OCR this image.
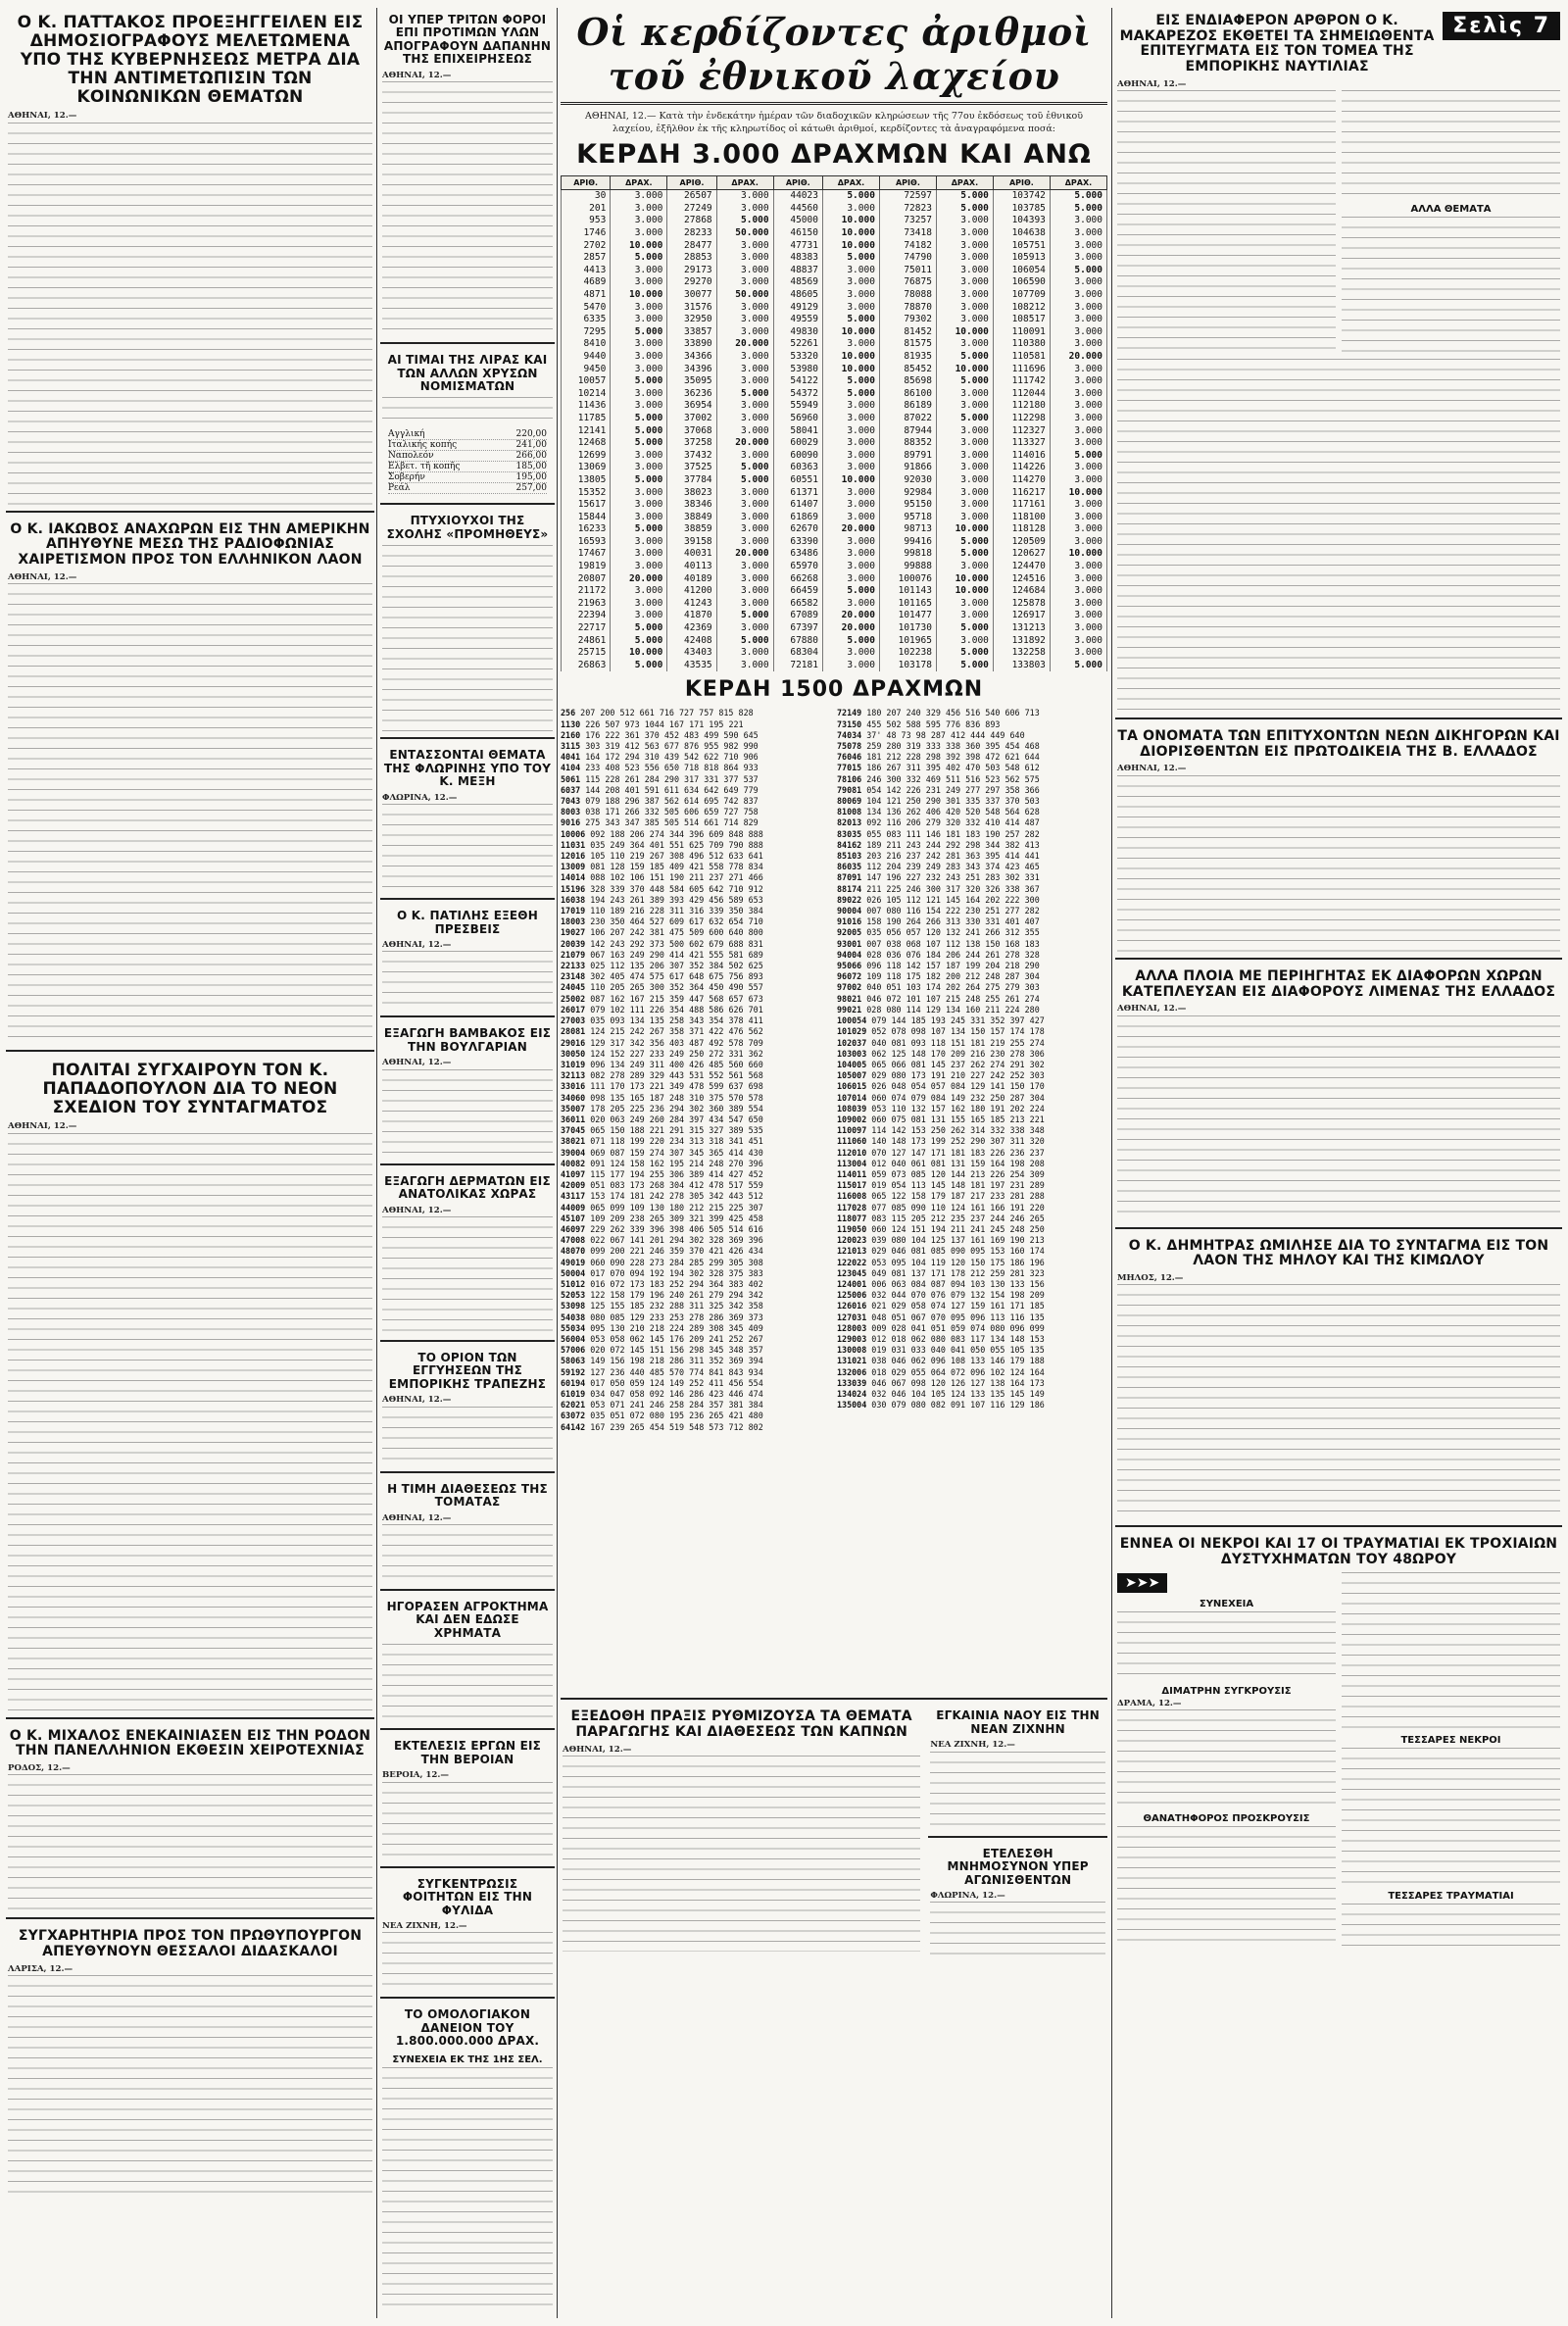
Ο Κ. ΠΑΤΤΑΚΟΣ ΠΡΟΕΞΗΓΓΕΙΛΕΝ ΕΙΣ ΔΗΜΟΣΙΟΓΡΑΦΟΥΣ ΜΕΛΕΤΩΜΕΝΑ ΥΠΟ ΤΗΣ ΚΥΒΕΡΝΗΣΕΩΣ ΜΕΤΡΑ ΔΙΑ ΤΗΝ ΑΝΤΙΜΕΤΩΠΙΣΙΝ ΤΩΝ ΚΟΙΝΩΝΙΚΩΝ ΘΕΜΑΤΩΝ

ΑΘΗΝΑΙ, 12.—

Ο Κ. ΙΑΚΩΒΟΣ ΑΝΑΧΩΡΩΝ ΕΙΣ ΤΗΝ ΑΜΕΡΙΚΗΝ ΑΠΗΥΘΥΝΕ ΜΕΣΩ ΤΗΣ ΡΑΔΙΟΦΩΝΙΑΣ ΧΑΙΡΕΤΙΣΜΟΝ ΠΡΟΣ ΤΟΝ ΕΛΛΗΝΙΚΟΝ ΛΑΟΝ

ΑΘΗΝΑΙ, 12.—

ΠΟΛΙΤΑΙ ΣΥΓΧΑΙΡΟΥΝ ΤΟΝ Κ. ΠΑΠΑΔΟΠΟΥΛΟΝ ΔΙΑ ΤΟ ΝΕΟΝ ΣΧΕΔΙΟΝ ΤΟΥ ΣΥΝΤΑΓΜΑΤΟΣ

ΑΘΗΝΑΙ, 12.—

Ο Κ. ΜΙΧΑΛΟΣ ΕΝΕΚΑΙΝΙΑΣΕΝ ΕΙΣ ΤΗΝ ΡΟΔΟΝ ΤΗΝ ΠΑΝΕΛΛΗΝΙΟΝ ΕΚΘΕΣΙΝ ΧΕΙΡΟΤΕΧΝΙΑΣ

ΡΟΔΟΣ, 12.—

ΣΥΓΧΑΡΗΤΗΡΙΑ ΠΡΟΣ ΤΟΝ ΠΡΩΘΥΠΟΥΡΓΟΝ ΑΠΕΥΘΥΝΟΥΝ ΘΕΣΣΑΛΟΙ ΔΙΔΑΣΚΑΛΟΙ

ΛΑΡΙΣΑ, 12.—

ΟΙ ΥΠΕΡ ΤΡΙΤΩΝ ΦΟΡΟΙ ΕΠΙ ΠΡΟΤΙΜΩΝ ΥΛΩΝ ΑΠΟΓΡΑΦΟΥΝ ΔΑΠΑΝΗΝ ΤΗΣ ΕΠΙΧΕΙΡΗΣΕΩΣ

ΑΘΗΝΑΙ, 12.—

ΑΙ ΤΙΜΑΙ ΤΗΣ ΛΙΡΑΣ ΚΑΙ ΤΩΝ ΑΛΛΩΝ ΧΡΥΣΩΝ ΝΟΜΙΣΜΑΤΩΝ
Αγγλική	220,00
Ιταλικής κοπής	241,00
Ναπολεόν	266,00
Ελβετ. τῆ κοπῆς	185,00
Σοβερήν	195,00
Ρεάλ	257,00
ΠΤΥΧΙΟΥΧΟΙ ΤΗΣ ΣΧΟΛΗΣ «ΠΡΟΜΗΘΕΥΣ»
ΕΝΤΑΣΣΟΝΤΑΙ ΘΕΜΑΤΑ ΤΗΣ ΦΛΩΡΙΝΗΣ ΥΠΟ ΤΟΥ Κ. ΜΕΞΗ

ΦΛΩΡΙΝΑ, 12.—

Ο Κ. ΠΑΤΙΛΗΣ ΕΞΕΘΗ ΠΡΕΣΒΕΙΣ

ΑΘΗΝΑΙ, 12.—

ΕΞΑΓΩΓΗ ΒΑΜΒΑΚΟΣ ΕΙΣ ΤΗΝ ΒΟΥΛΓΑΡΙΑΝ

ΑΘΗΝΑΙ, 12.—

ΕΞΑΓΩΓΗ ΔΕΡΜΑΤΩΝ ΕΙΣ ΑΝΑΤΟΛΙΚΑΣ ΧΩΡΑΣ

ΑΘΗΝΑΙ, 12.—

ΤΟ ΟΡΙΟΝ ΤΩΝ ΕΓΓΥΗΣΕΩΝ ΤΗΣ ΕΜΠΟΡΙΚΗΣ ΤΡΑΠΕΖΗΣ

ΑΘΗΝΑΙ, 12.—

Η ΤΙΜΗ ΔΙΑΘΕΣΕΩΣ ΤΗΣ ΤΟΜΑΤΑΣ

ΑΘΗΝΑΙ, 12.—

ΗΓΟΡΑΣΕΝ ΑΓΡΟΚΤΗΜΑ ΚΑΙ ΔΕΝ ΕΔΩΣΕ ΧΡΗΜΑΤΑ
ΕΚΤΕΛΕΣΙΣ ΕΡΓΩΝ ΕΙΣ ΤΗΝ ΒΕΡΟΙΑΝ

ΒΕΡΟΙΑ, 12.—

ΣΥΓΚΕΝΤΡΩΣΙΣ ΦΟΙΤΗΤΩΝ ΕΙΣ ΤΗΝ ΦΥΛΙΔΑ

ΝΕΑ ΖΙΧΝΗ, 12.—

ΤΟ ΟΜΟΛΟΓΙΑΚΟΝ ΔΑΝΕΙΟΝ ΤΟΥ 1.800.000.000 ΔΡΑΧ.
ΣΥΝΕΧΕΙΑ ΕΚ ΤΗΣ 1ΗΣ ΣΕΛ.
Οἱ κερδίζοντες ἀριθμοὶ τοῦ ἐθνικοῦ λαχείου

ΑΘΗΝΑΙ, 12.— Κατὰ τὴν ἐνδεκάτην ἡμέραν τῶν διαδοχικῶν κληρώσεων τῆς 77ου ἐκδόσεως τοῦ ἐθνικοῦ λαχείου, ἐξῆλθον ἐκ τῆς κληρωτίδος οἱ κάτωθι ἀριθμοί, κερδίζοντες τὰ ἀναγραφόμενα ποσά:

ΚΕΡΔΗ 3.000 ΔΡΑΧΜΩΝ ΚΑΙ ΑΝΩ
ΑΡΙΘ.	ΔΡΑΧ.	ΑΡΙΘ.	ΔΡΑΧ.	ΑΡΙΘ.	ΔΡΑΧ.	ΑΡΙΘ.	ΔΡΑΧ.	ΑΡΙΘ.	ΔΡΑΧ.
30	3.000	26507	3.000	44023	5.000	72597	5.000	103742	5.000
201	3.000	27249	3.000	44560	3.000	72823	5.000	103785	5.000
953	3.000	27868	5.000	45000	10.000	73257	3.000	104393	3.000
1746	3.000	28233	50.000	46150	10.000	73418	3.000	104638	3.000
2702	10.000	28477	3.000	47731	10.000	74182	3.000	105751	3.000
2857	5.000	28853	3.000	48383	5.000	74790	3.000	105913	3.000
4413	3.000	29173	3.000	48837	3.000	75011	3.000	106054	5.000
4689	3.000	29270	3.000	48569	3.000	76875	3.000	106590	3.000
4871	10.000	30077	50.000	48605	3.000	78088	3.000	107709	3.000
5470	3.000	31576	3.000	49129	3.000	78870	3.000	108212	3.000
6335	3.000	32950	3.000	49559	5.000	79302	3.000	108517	3.000
7295	5.000	33857	3.000	49830	10.000	81452	10.000	110091	3.000
8410	3.000	33890	20.000	52261	3.000	81575	3.000	110380	3.000
9440	3.000	34366	3.000	53320	10.000	81935	5.000	110581	20.000
9450	3.000	34396	3.000	53980	10.000	85452	10.000	111696	3.000
10057	5.000	35095	3.000	54122	5.000	85698	5.000	111742	3.000
10214	3.000	36236	5.000	54372	5.000	86100	3.000	112044	3.000
11436	3.000	36954	3.000	55949	3.000	86189	3.000	112180	3.000
11785	5.000	37002	3.000	56960	3.000	87022	5.000	112298	3.000
12141	5.000	37068	3.000	58041	3.000	87944	3.000	112327	3.000
12468	5.000	37258	20.000	60029	3.000	88352	3.000	113327	3.000
12699	3.000	37432	3.000	60090	3.000	89791	3.000	114016	5.000
13069	3.000	37525	5.000	60363	3.000	91866	3.000	114226	3.000
13805	5.000	37784	5.000	60551	10.000	92030	3.000	114270	3.000
15352	3.000	38023	3.000	61371	3.000	92984	3.000	116217	10.000
15617	3.000	38346	3.000	61407	3.000	95150	3.000	117161	3.000
15844	3.000	38849	3.000	61869	3.000	95718	3.000	118100	3.000
16233	5.000	38859	3.000	62670	20.000	98713	10.000	118128	3.000
16593	3.000	39158	3.000	63390	3.000	99416	5.000	120509	3.000
17467	3.000	40031	20.000	63486	3.000	99818	5.000	120627	10.000
19819	3.000	40113	3.000	65970	3.000	99888	3.000	124470	3.000
20807	20.000	40189	3.000	66268	3.000	100076	10.000	124516	3.000
21172	3.000	41200	3.000	66459	5.000	101143	10.000	124684	3.000
21963	3.000	41243	3.000	66582	3.000	101165	3.000	125878	3.000
22394	3.000	41870	5.000	67089	20.000	101477	3.000	126917	3.000
22717	5.000	42369	3.000	67397	20.000	101730	5.000	131213	3.000
24861	5.000	42408	5.000	67880	5.000	101965	3.000	131892	3.000
25715	10.000	43403	3.000	68304	3.000	102238	5.000	132258	3.000
26863	5.000	43535	3.000	72181	3.000	103178	5.000	133803	5.000
ΚΕΡΔΗ 1500 ΔΡΑΧΜΩΝ
256 207 200 512 661 716 727 757 815 828
1130 226 507 973 1044 167 171 195 221
2160 176 222 361 370 452 483 499 590 645
3115 303 319 412 563 677 876 955 982 990
4041 164 172 294 310 439 542 622 710 906
4104 233 408 523 556 650 718 818 864 933
5061 115 228 261 284 290 317 331 377 537
6037 144 208 401 591 611 634 642 649 779
7043 079 188 296 387 562 614 695 742 837
8003 038 171 266 332 505 606 659 727 758
9016 275 343 347 385 505 514 661 714 829
10006 092 188 206 274 344 396 609 848 888
11031 035 249 364 401 551 625 709 790 888
12016 105 110 219 267 308 496 512 633 641
13009 081 128 159 185 409 421 558 778 834
14014 088 102 106 151 190 211 237 271 466
15196 328 339 370 448 584 605 642 710 912
16038 194 243 261 389 393 429 456 589 653
17019 110 189 216 228 311 316 339 350 384
18003 230 350 464 527 609 617 632 654 710
19027 106 207 242 381 475 509 600 640 800
20039 142 243 292 373 500 602 679 688 831
21079 067 163 249 290 414 421 555 581 689
22133 025 112 135 206 307 352 384 502 625
23148 302 405 474 575 617 648 675 756 893
24045 110 205 265 300 352 364 450 490 557
25002 087 162 167 215 359 447 568 657 673
26017 079 102 111 226 354 488 586 626 701
27003 035 093 134 135 258 343 354 378 411
28081 124 215 242 267 358 371 422 476 562
29016 129 317 342 356 403 487 492 578 709
30050 124 152 227 233 249 250 272 331 362
31019 096 134 249 311 400 426 485 560 660
32113 082 278 289 329 443 531 552 561 568
33016 111 170 173 221 349 478 599 637 698
34060 098 135 165 187 248 310 375 570 578
35007 178 205 225 236 294 302 360 389 554
36011 020 063 249 260 284 397 434 547 650
37045 065 150 188 221 291 315 327 389 535
38021 071 118 199 220 234 313 318 341 451
39004 069 087 159 274 307 345 365 414 430
40082 091 124 158 162 195 214 248 270 396
41097 115 177 194 255 306 389 414 427 452
42009 051 083 173 268 304 412 478 517 559
43117 153 174 181 242 278 305 342 443 512
44009 065 099 109 130 180 212 215 225 307
45107 109 209 238 265 309 321 399 425 458
46097 229 262 339 396 398 406 505 514 616
47008 022 067 141 201 294 302 328 369 396
48070 099 200 221 246 359 370 421 426 434
49019 060 090 228 273 284 285 299 305 308
50004 017 070 094 192 194 302 328 375 383
51012 016 072 173 183 252 294 364 383 402
52053 122 158 179 196 240 261 279 294 342
53098 125 155 185 232 288 311 325 342 358
54038 080 085 129 233 253 278 286 369 373
55034 095 130 210 218 224 289 308 345 409
56004 053 058 062 145 176 209 241 252 267
57006 020 072 145 151 156 298 345 348 357
58063 149 156 198 218 286 311 352 369 394
59192 127 236 440 485 570 774 841 843 934
60194 017 050 059 124 149 252 411 456 554
61019 034 047 058 092 146 286 423 446 474
62021 053 071 241 246 258 284 357 381 384
63072 035 051 072 080 195 236 265 421 480
64142 167 239 265 454 519 548 573 712 802
72149 180 207 240 329 456 516 540 606 713
73150 455 502 588 595 776 836 893
74034 37' 48 73 98 287 412 444 449 640
75078 259 280 319 333 338 360 395 454 468
76046 181 212 228 298 392 398 472 621 644
77015 186 267 311 395 402 470 503 548 612
78106 246 300 332 469 511 516 523 562 575
79081 054 142 226 231 249 277 297 358 366
80069 104 121 250 290 301 335 337 370 503
81008 134 136 262 406 420 520 548 564 628
82013 092 116 206 279 320 332 410 414 487
83035 055 083 111 146 181 183 190 257 282
84162 189 211 243 244 292 298 344 382 413
85103 203 216 237 242 281 363 395 414 441
86035 112 204 239 249 283 343 374 423 465
87091 147 196 227 232 243 251 283 302 331
88174 211 225 246 300 317 320 326 338 367
89022 026 105 112 121 145 164 202 222 300
90004 007 080 116 154 222 230 251 277 282
91016 158 190 264 266 313 330 331 401 407
92005 035 056 057 120 132 241 266 312 355
93001 007 038 068 107 112 138 150 168 183
94004 028 036 076 184 206 244 261 278 328
95066 096 118 142 157 187 199 204 218 290
96072 109 118 175 182 200 212 248 287 304
97002 040 051 103 174 202 264 275 279 303
98021 046 072 101 107 215 248 255 261 274
99021 028 080 114 129 134 160 211 224 280
100054 079 144 185 193 245 331 352 397 427
101029 052 078 098 107 134 150 157 174 178
102037 040 081 093 118 151 181 219 255 274
103003 062 125 148 170 209 216 230 278 306
104005 065 066 081 145 237 262 274 291 302
105007 029 080 173 191 210 227 242 252 303
106015 026 048 054 057 084 129 141 150 170
107014 060 074 079 084 149 232 250 287 304
108039 053 110 132 157 162 180 191 202 224
109002 060 075 081 131 155 165 185 213 221
110097 114 142 153 250 262 314 332 338 348
111060 140 148 173 199 252 290 307 311 320
112010 070 127 147 171 181 183 226 236 237
113004 012 040 061 081 131 159 164 198 208
114011 059 073 085 120 144 213 226 254 309
115017 019 054 113 145 148 181 197 231 289
116008 065 122 158 179 187 217 233 281 288
117028 077 085 090 110 124 161 166 191 220
118077 083 115 205 212 235 237 244 246 265
119050 060 124 151 194 211 241 245 248 250
120023 039 080 104 125 137 161 169 190 213
121013 029 046 081 085 090 095 153 160 174
122022 053 095 104 119 120 150 175 186 196
123045 049 081 137 171 178 212 259 281 323
124001 006 063 084 087 094 103 130 133 156
125006 032 044 070 076 079 132 154 198 209
126016 021 029 058 074 127 159 161 171 185
127031 048 051 067 070 095 096 113 116 135
128003 009 028 041 051 059 074 080 096 099
129003 012 018 062 080 083 117 134 148 153
130008 019 031 033 040 041 050 055 105 135
131021 038 046 062 096 108 133 146 179 188
132006 018 029 055 064 072 096 102 124 164
133039 046 067 098 120 126 127 138 164 173
134024 032 046 104 105 124 133 135 145 149
135004 030 079 080 082 091 107 116 129 186
ΕΞΕΔΟΘΗ ΠΡΑΞΙΣ ΡΥΘΜΙΖΟΥΣΑ ΤΑ ΘΕΜΑΤΑ ΠΑΡΑΓΩΓΗΣ ΚΑΙ ΔΙΑΘΕΣΕΩΣ ΤΩΝ ΚΑΠΝΩΝ

ΑΘΗΝΑΙ, 12.—

ΕΓΚΑΙΝΙΑ ΝΑΟΥ ΕΙΣ ΤΗΝ ΝΕΑΝ ΖΙΧΝΗΝ

ΝΕΑ ΖΙΧΝΗ, 12.—

ΕΤΕΛΕΣΘΗ ΜΝΗΜΟΣΥΝΟΝ ΥΠΕΡ ΑΓΩΝΙΣΘΕΝΤΩΝ

ΦΛΩΡΙΝΑ, 12.—

ΕΙΣ ΕΝΔΙΑΦΕΡΟΝ ΑΡΘΡΟΝ Ο Κ. ΜΑΚΑΡΕΖΟΣ ΕΚΘΕΤΕΙ ΤΑ ΣΗΜΕΙΩΘΕΝΤΑ ΕΠΙΤΕΥΓΜΑΤΑ ΕΙΣ ΤΟΝ ΤΟΜΕΑ ΤΗΣ ΕΜΠΟΡΙΚΗΣ ΝΑΥΤΙΛΙΑΣ
Σελὶς 7

ΑΘΗΝΑΙ, 12.—

ΑΛΛΑ ΘΕΜΑΤΑ
ΤΑ ΟΝΟΜΑΤΑ ΤΩΝ ΕΠΙΤΥΧΟΝΤΩΝ ΝΕΩΝ ΔΙΚΗΓΟΡΩΝ ΚΑΙ ΔΙΟΡΙΣΘΕΝΤΩΝ ΕΙΣ ΠΡΩΤΟΔΙΚΕΙΑ ΤΗΣ Β. ΕΛΛΑΔΟΣ

ΑΘΗΝΑΙ, 12.—

ΑΛΛΑ ΠΛΟΙΑ ΜΕ ΠΕΡΙΗΓΗΤΑΣ ΕΚ ΔΙΑΦΟΡΩΝ ΧΩΡΩΝ ΚΑΤΕΠΛΕΥΣΑΝ ΕΙΣ ΔΙΑΦΟΡΟΥΣ ΛΙΜΕΝΑΣ ΤΗΣ ΕΛΛΑΔΟΣ

ΑΘΗΝΑΙ, 12.—

Ο Κ. ΔΗΜΗΤΡΑΣ ΩΜΙΛΗΣΕ ΔΙΑ ΤΟ ΣΥΝΤΑΓΜΑ ΕΙΣ ΤΟΝ ΛΑΟΝ ΤΗΣ ΜΗΛΟΥ ΚΑΙ ΤΗΣ ΚΙΜΩΛΟΥ

ΜΗΛΟΣ, 12.—

ΕΝΝΕΑ ΟΙ ΝΕΚΡΟΙ ΚΑΙ 17 ΟΙ ΤΡΑΥΜΑΤΙΑΙ ΕΚ ΤΡΟΧΙΑΙΩΝ ΔΥΣΤΥΧΗΜΑΤΩΝ ΤΟΥ 48ΩΡΟΥ
➤➤➤
ΣΥΝΕΧΕΙΑ
ΔΙΜΑΤΡΗΝ ΣΥΓΚΡΟΥΣΙΣ

ΔΡΑΜΑ, 12.—

ΘΑΝΑΤΗΦΟΡΟΣ ΠΡΟΣΚΡΟΥΣΙΣ
ΤΕΣΣΑΡΕΣ ΝΕΚΡΟΙ
ΤΕΣΣΑΡΕΣ ΤΡΑΥΜΑΤΙΑΙ
